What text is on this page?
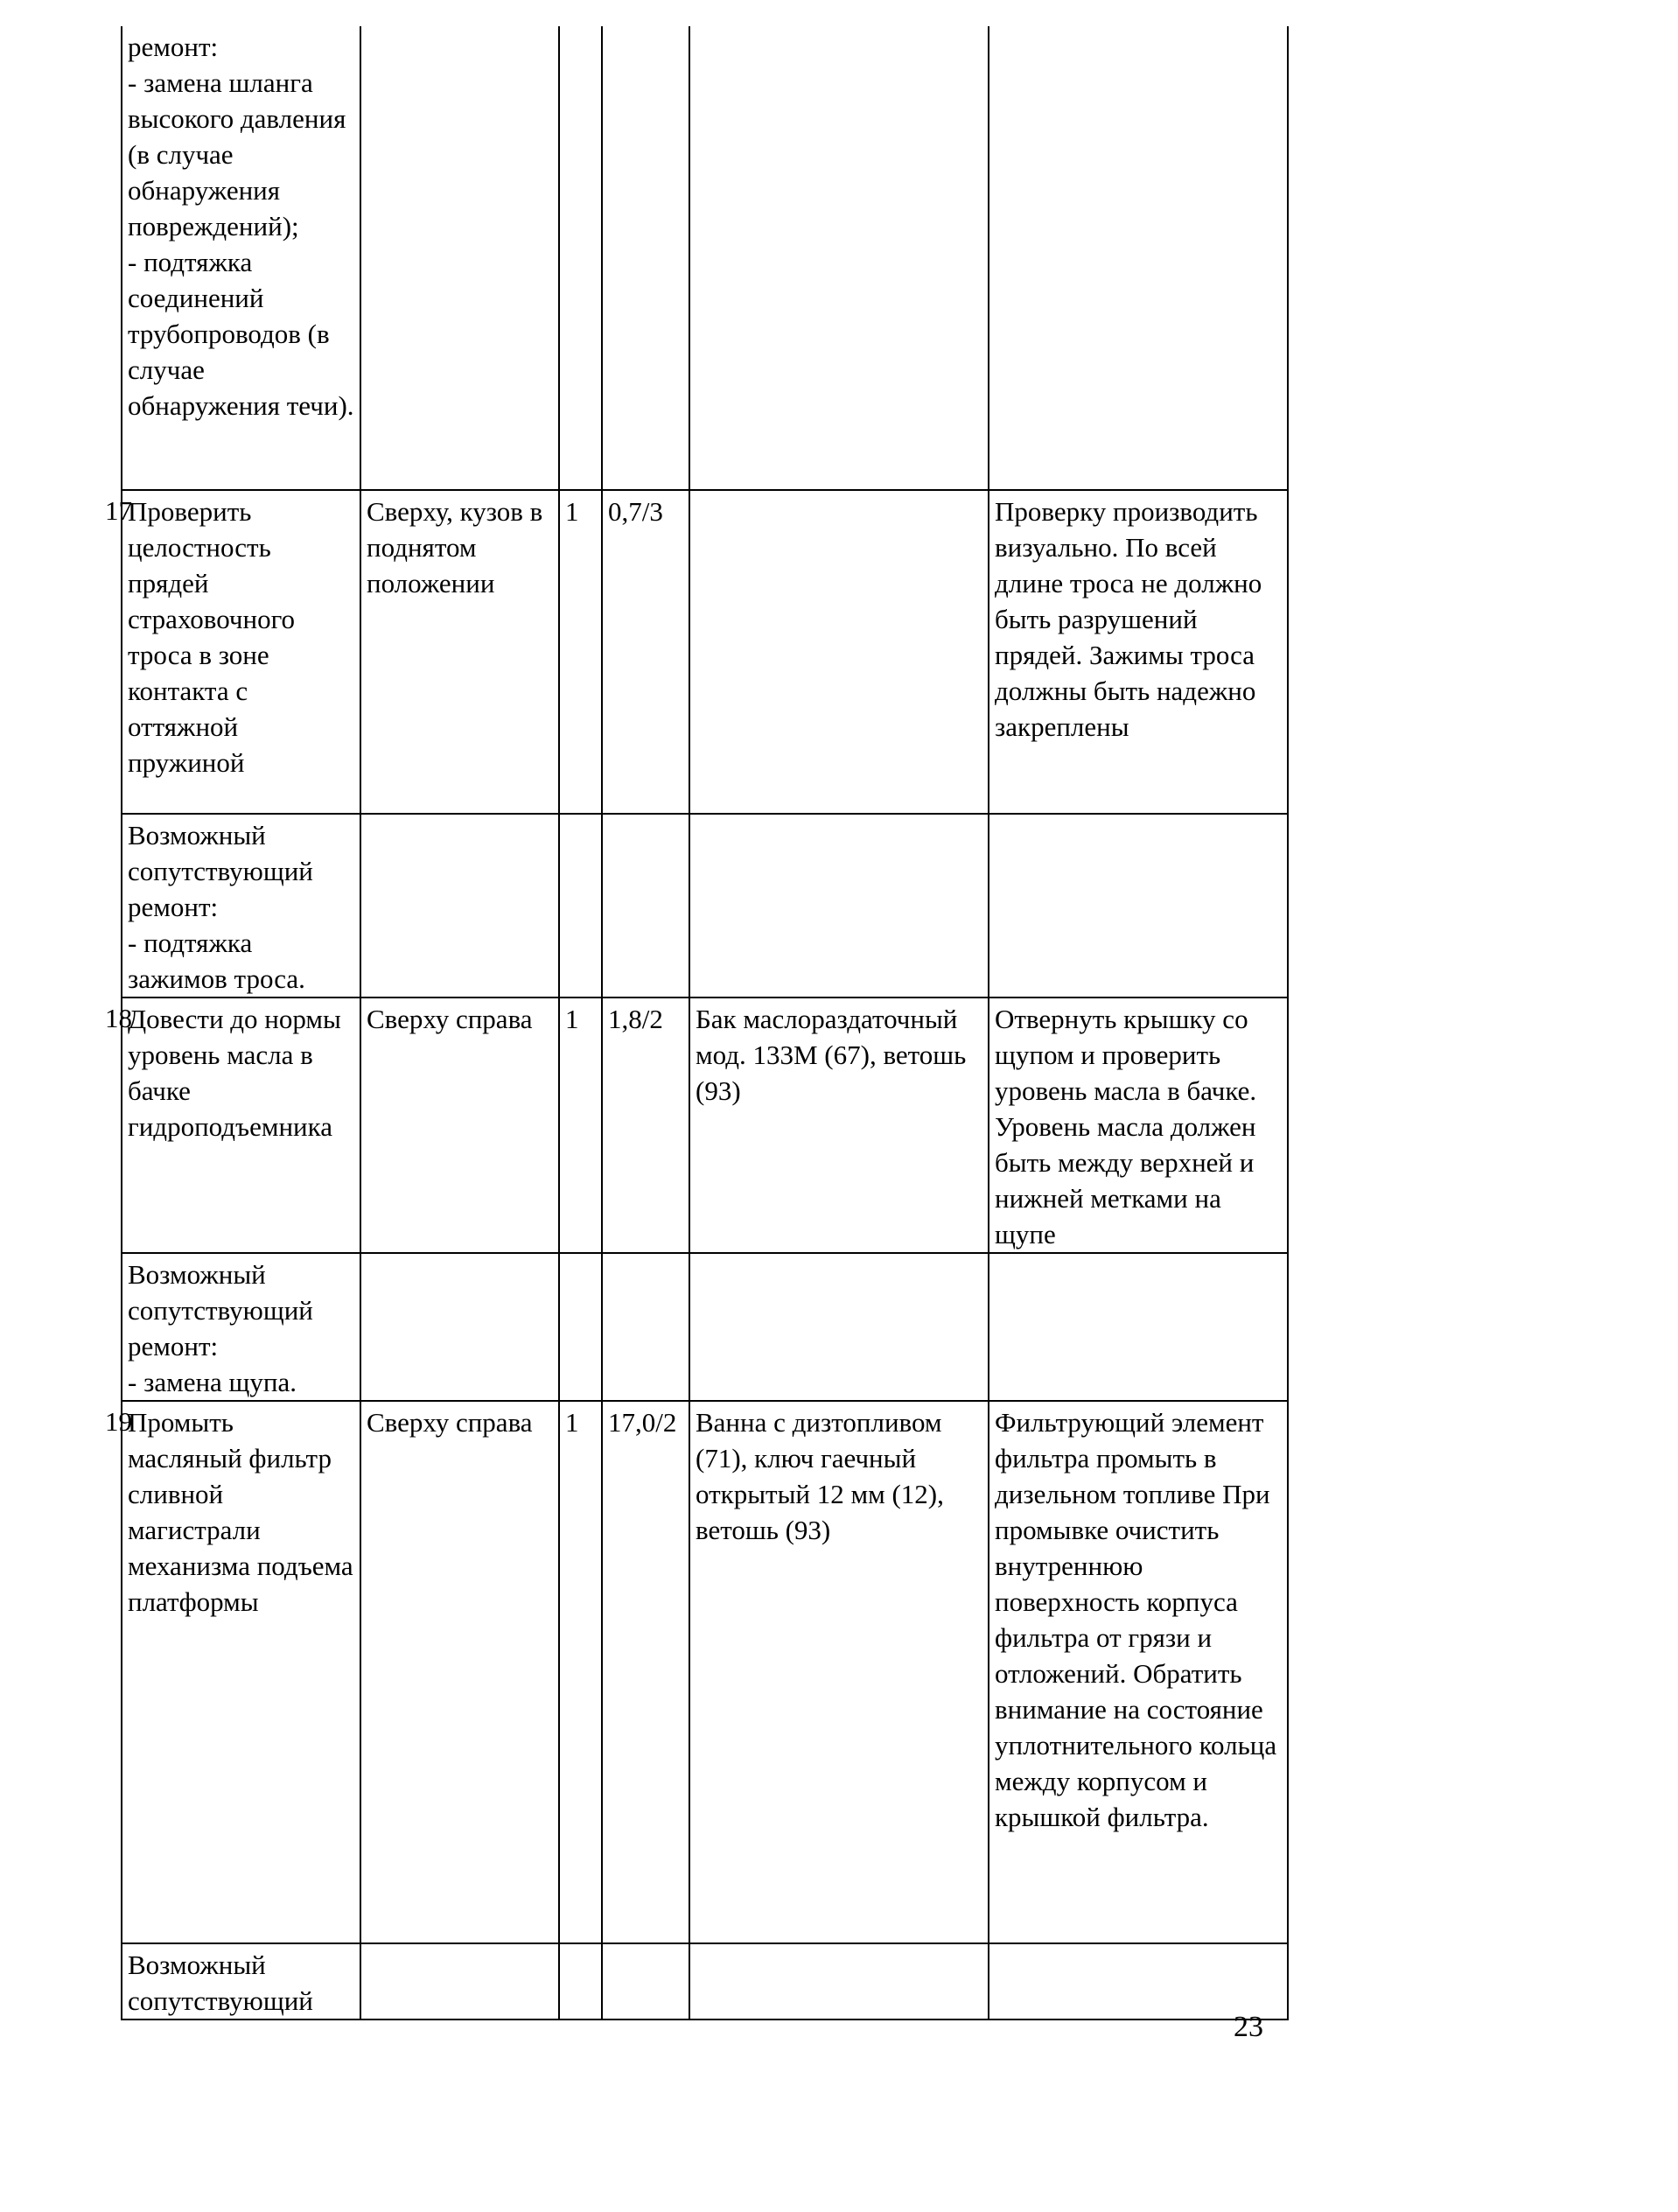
	ремонт:
- замена шланга высокого давления (в случае обнаружения повреждений);
- подтяжка соединений трубопроводов (в случае обнаружения течи).					

17	Проверить целостность прядей страховочного троса в зоне контакта с оттяжной пружиной	Сверху, кузов в поднятом положении	1	0,7/3		Проверку производить визуально. По всей длине троса не должно быть разрушений прядей. Зажимы троса должны быть надежно закреплены

	Возможный сопутствующий ремонт:
- подтяжка зажимов троса.					

18	Довести до нормы уровень масла в бачке гидроподъемника	Сверху справа	1	1,8/2	Бак маслораздаточный мод. 133М (67), ветошь (93)	Отвернуть крышку со щупом и проверить уровень масла в бачке. Уровень масла должен быть между верхней и нижней метками на щупе

	Возможный сопутствующий ремонт:
- замена щупа.					

19	Промыть масляный фильтр сливной магистрали механизма подъема платформы	Сверху справа	1	17,0/2	Ванна с дизтопливом (71), ключ гаечный открытый 12 мм (12), ветошь (93)	Фильтрующий элемент фильтра промыть в дизельном топливе При промывке очистить внутреннюю поверхность корпуса фильтра от грязи и отложений. Обратить внимание на состояние уплотнительного кольца между корпусом и крышкой фильтра.

	Возможный сопутствующий					

23
